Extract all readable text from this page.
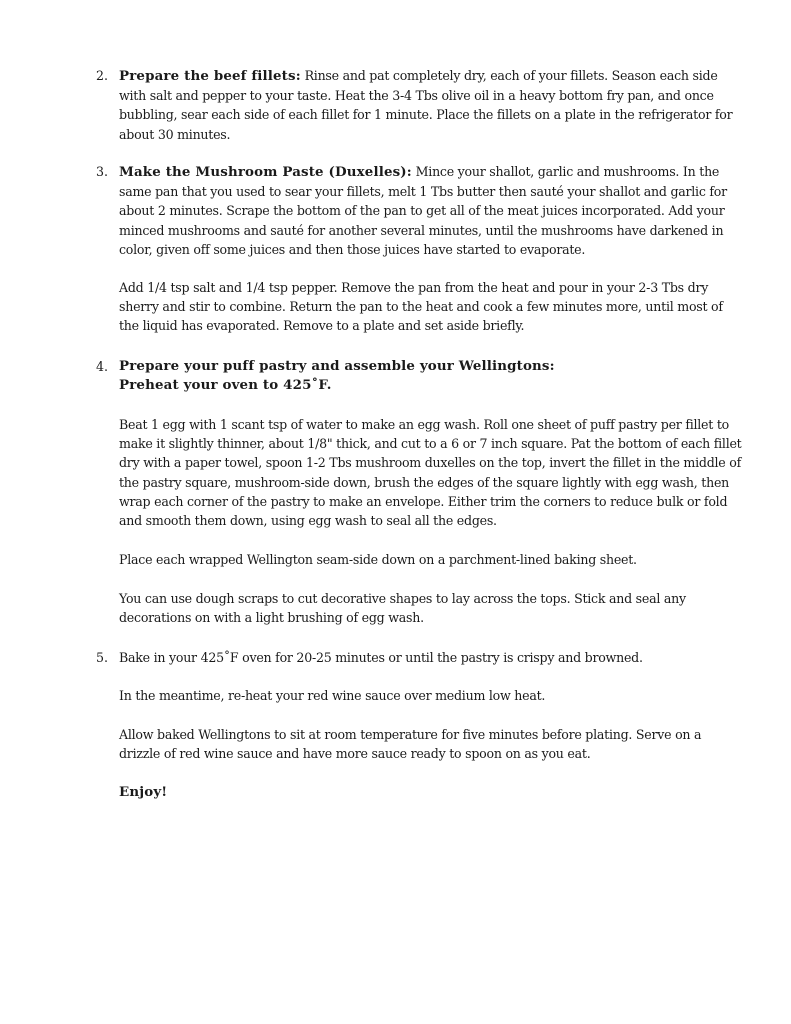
2. Prepare the beef fillets: Rinse and pat completely dry, each of your fillets. Season each side with salt and pepper to your taste. Heat the 3-4 Tbs olive oil in a heavy bottom fry pan, and once bubbling, sear each side of each fillet for 1 minute. Place the fillets on a plate in the refrigerator for about 30 minutes.

3. Make the Mushroom Paste (Duxelles): Mince your shallot, garlic and mushrooms. In the same pan that you used to sear your fillets, melt 1 Tbs butter then sauté your shallot and garlic for about 2 minutes. Scrape the bottom of the pan to get all of the meat juices incorporated. Add your minced mushrooms and sauté for another several minutes, until the mushrooms have darkened in color, given off some juices and then those juices have started to evaporate.

Add 1/4 tsp salt and 1/4 tsp pepper. Remove the pan from the heat and pour in your 2-3 Tbs dry sherry and stir to combine. Return the pan to the heat and cook a few minutes more, until most of the liquid has evaporated. Remove to a plate and set aside briefly.

4. Prepare your puff pastry and assemble your Wellingtons:

Preheat your oven to 425˚F.

Beat 1 egg with 1 scant tsp of water to make an egg wash. Roll one sheet of puff pastry per fillet to make it slightly thinner, about 1/8" thick, and cut to a 6 or 7 inch square. Pat the bottom of each fillet dry with a paper towel, spoon 1-2 Tbs mushroom duxelles on the top, invert the fillet in the middle of the pastry square, mushroom-side down, brush the edges of the square lightly with egg wash, then wrap each corner of the pastry to make an envelope. Either trim the corners to reduce bulk or fold and smooth them down, using egg wash to seal all the edges.

Place each wrapped Wellington seam-side down on a parchment-lined baking sheet.

You can use dough scraps to cut decorative shapes to lay across the tops. Stick and seal any decorations on with a light brushing of egg wash.

5. Bake in your 425˚F oven for 20-25 minutes or until the pastry is crispy and browned.

In the meantime, re-heat your red wine sauce over medium low heat.

Allow baked Wellingtons to sit at room temperature for five minutes before plating. Serve on a drizzle of red wine sauce and have more sauce ready to spoon on as you eat.

Enjoy!
